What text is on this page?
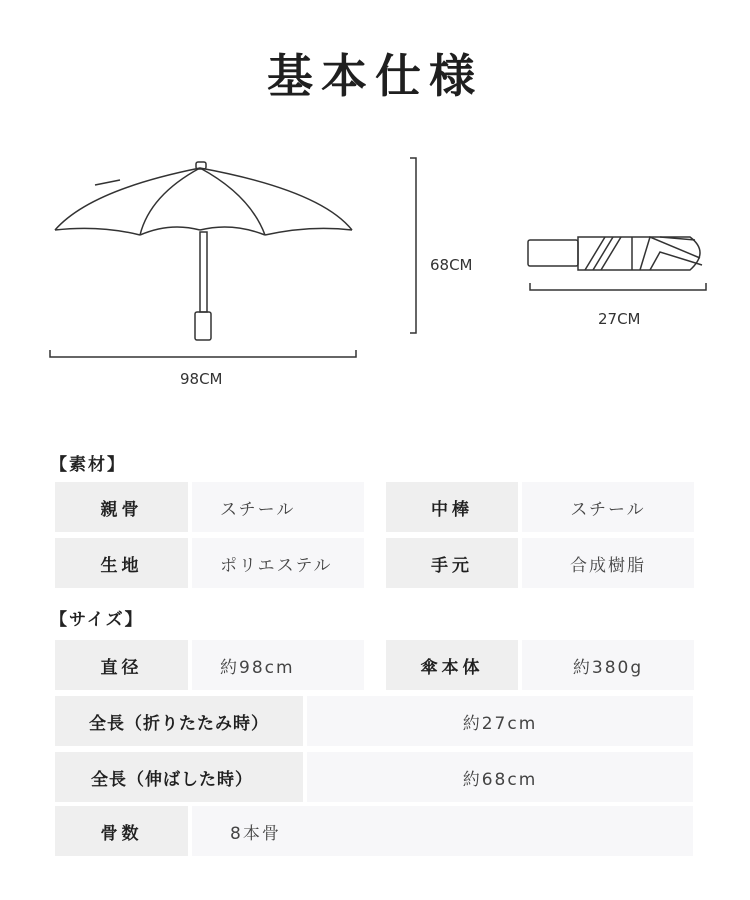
基本仕様
98CM
68CM
27CM
【素材】
親骨	スチール	中棒	スチール
生地	ポリエステル	手元	合成樹脂
【サイズ】
直径	約98cm	傘本体	約380g
全長（折りたたみ時）	約27cm
全長（伸ばした時）	約68cm
骨数	8本骨
